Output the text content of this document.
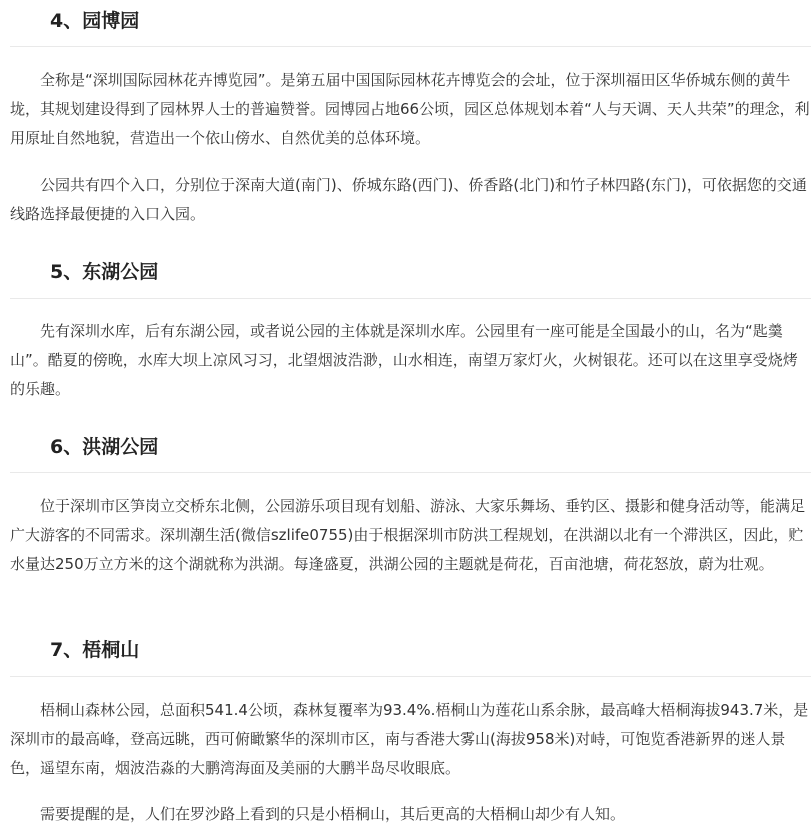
4、园博园
全称是“深圳国际园林花卉博览园”。是第五届中国国际园林花卉博览会的会址，位于深圳福田区华侨城东侧的黄牛垅，其规划建设得到了园林界人士的普遍赞誉。园博园占地66公顷，园区总体规划本着“人与天调、天人共荣”的理念，利用原址自然地貌，营造出一个依山傍水、自然优美的总体环境。
公园共有四个入口，分别位于深南大道(南门)、侨城东路(西门)、侨香路(北门)和竹子林四路(东门)，可依据您的交通线路选择最便捷的入口入园。
5、东湖公园
先有深圳水库，后有东湖公园，或者说公园的主体就是深圳水库。公园里有一座可能是全国最小的山，名为“匙羹山”。酷夏的傍晚，水库大坝上凉风习习，北望烟波浩渺，山水相连，南望万家灯火，火树银花。还可以在这里享受烧烤的乐趣。
6、洪湖公园
位于深圳市区笋岗立交桥东北侧，公园游乐项目现有划船、游泳、大家乐舞场、垂钓区、摄影和健身活动等，能满足广大游客的不同需求。深圳潮生活(微信szlife0755)由于根据深圳市防洪工程规划，在洪湖以北有一个滞洪区，因此，贮水量达250万立方米的这个湖就称为洪湖。每逢盛夏，洪湖公园的主题就是荷花，百亩池塘，荷花怒放，蔚为壮观。
7、梧桐山
梧桐山森林公园，总面积541.4公顷，森林复覆率为93.4%.梧桐山为莲花山系余脉，最高峰大梧桐海拔943.7米，是深圳市的最高峰，登高远眺，西可俯瞰繁华的深圳市区，南与香港大雾山(海拔958米)对峙，可饱览香港新界的迷人景色，遥望东南，烟波浩淼的大鹏湾海面及美丽的大鹏半岛尽收眼底。
需要提醒的是，人们在罗沙路上看到的只是小梧桐山，其后更高的大梧桐山却少有人知。
